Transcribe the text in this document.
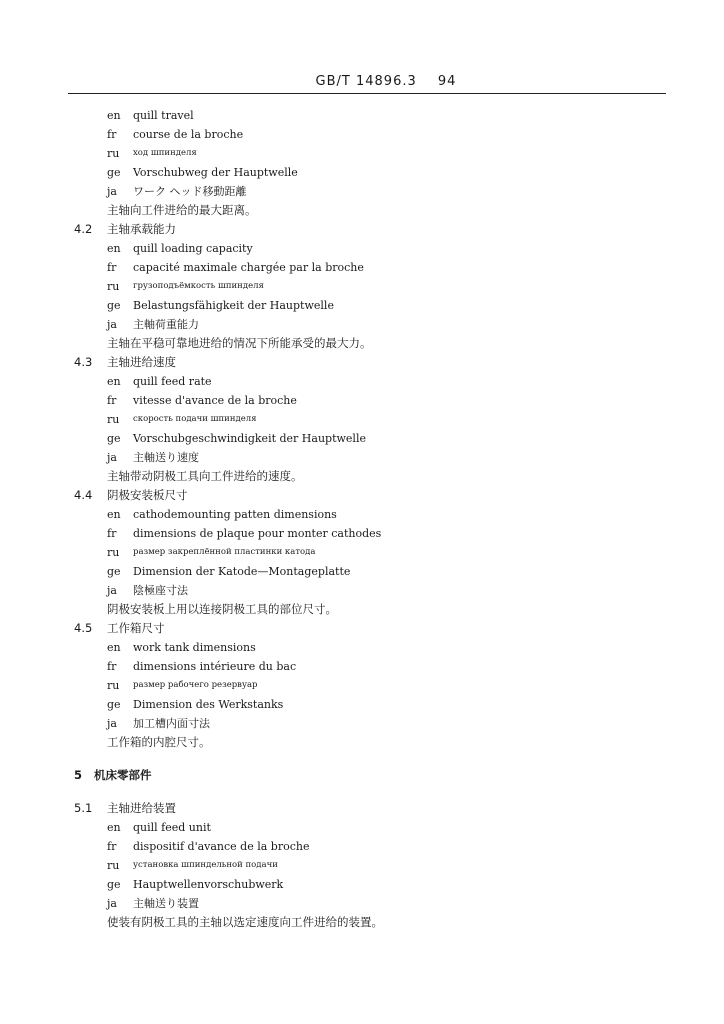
GB/T 14896.3 94
en	quill travel
fr	course de la broche
ru	ход шпинделя
ge	Vorschubweg der Hauptwelle
ja	ワーク ヘッド移動距離
主轴向工件进给的最大距离。
4.2 主轴承载能力
en	quill loading capacity
fr	capacité maximale chargée par la broche
ru	грузоподъёмкость шпинделя
ge	Belastungsfähigkeit der Hauptwelle
ja	主軸荷重能力
主轴在平稳可靠地进给的情况下所能承受的最大力。
4.3 主轴进给速度
en	quill feed rate
fr	vitesse d'avance de la broche
ru	скорость подачи шпинделя
ge	Vorschubgeschwindigkeit der Hauptwelle
ja	主軸送り速度
主轴带动阴极工具向工件进给的速度。
4.4 阴极安装板尺寸
en	cathodemounting patten dimensions
fr	dimensions de plaque pour monter cathodes
ru	размер закреплённой пластинки катода
ge	Dimension der Katode—Montageplatte
ja	陰極座寸法
阴极安装板上用以连接阴极工具的部位尺寸。
4.5 工作箱尺寸
en	work tank dimensions
fr	dimensions intérieure du bac
ru	размер рабочего резервуар
ge	Dimension des Werkstanks
ja	加工槽内面寸法
工作箱的内腔尺寸。
5 机床零部件
5.1 主轴进给装置
en	quill feed unit
fr	dispositif d'avance de la broche
ru	установка шпиндельной подачи
ge	Hauptwellenvorschubwerk
ja	主軸送り装置
使装有阴极工具的主轴以选定速度向工件进给的装置。
